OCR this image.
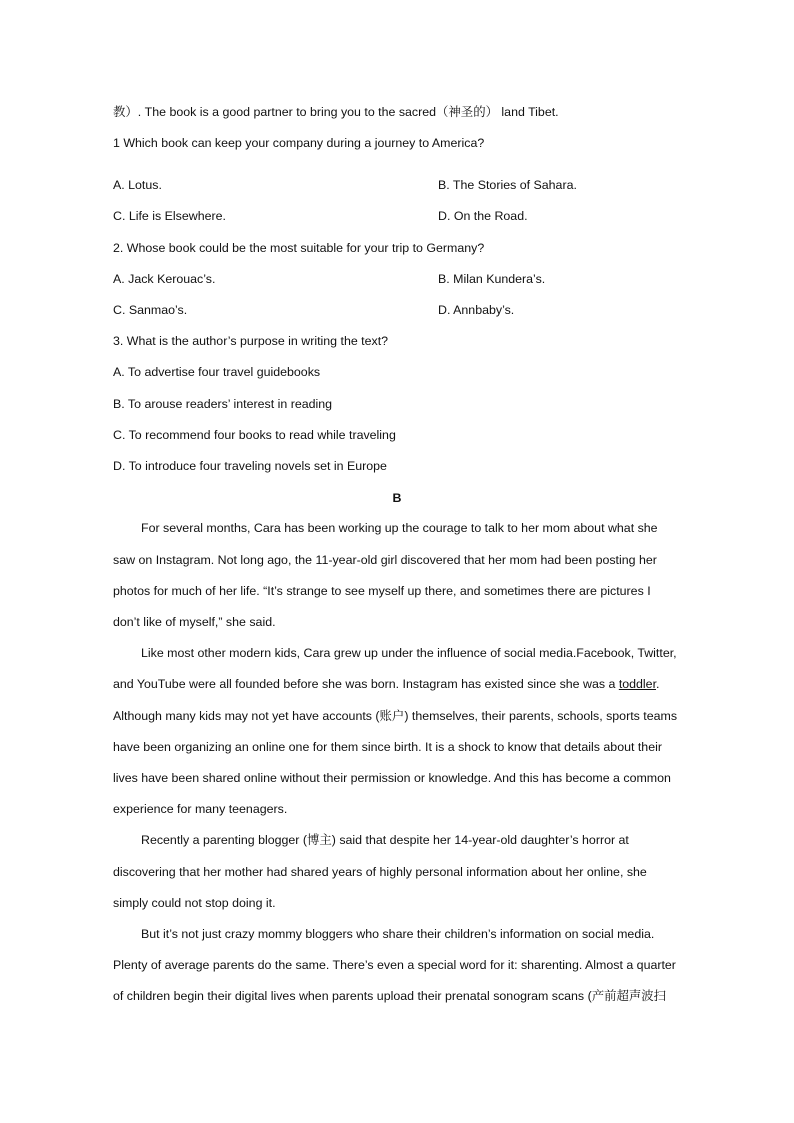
教）. The book is a good partner to bring you to the sacred（神圣的） land Tibet.
1 Which book can keep your company during a journey to America?
A. Lotus.	B. The Stories of Sahara.
C. Life is Elsewhere.	D. On the Road.
2. Whose book could be the most suitable for your trip to Germany?
A. Jack Kerouac’s.	B. Milan Kundera’s.
C. Sanmao’s.	D. Annbaby’s.
3. What is the author’s purpose in writing the text?
A. To advertise four travel guidebooks
B. To arouse readers’ interest in reading
C. To recommend four books to read while traveling
D. To introduce four traveling novels set in Europe
B
For several months, Cara has been working up the courage to talk to her mom about what she
saw on Instagram. Not long ago, the 11-year-old girl discovered that her mom had been posting her
photos for much of her life. “It’s strange to see myself up there, and sometimes there are pictures I
don’t like of myself,” she said.
Like most other modern kids, Cara grew up under the influence of social media.Facebook, Twitter,
and YouTube were all founded before she was born. Instagram has existed since she was a toddler.
Although many kids may not yet have accounts (账户) themselves, their parents, schools, sports teams
have been organizing an online one for them since birth. It is a shock to know that details about their
lives have been shared online without their permission or knowledge. And this has become a common
experience for many teenagers.
Recently a parenting blogger (博主) said that despite her 14-year-old daughter’s horror at
discovering that her mother had shared years of highly personal information about her online, she
simply could not stop doing it.
But it’s not just crazy mommy bloggers who share their children’s information on social media.
Plenty of average parents do the same. There’s even a special word for it: sharenting. Almost a quarter
of children begin their digital lives when parents upload their prenatal sonogram scans (产前超声波扫
